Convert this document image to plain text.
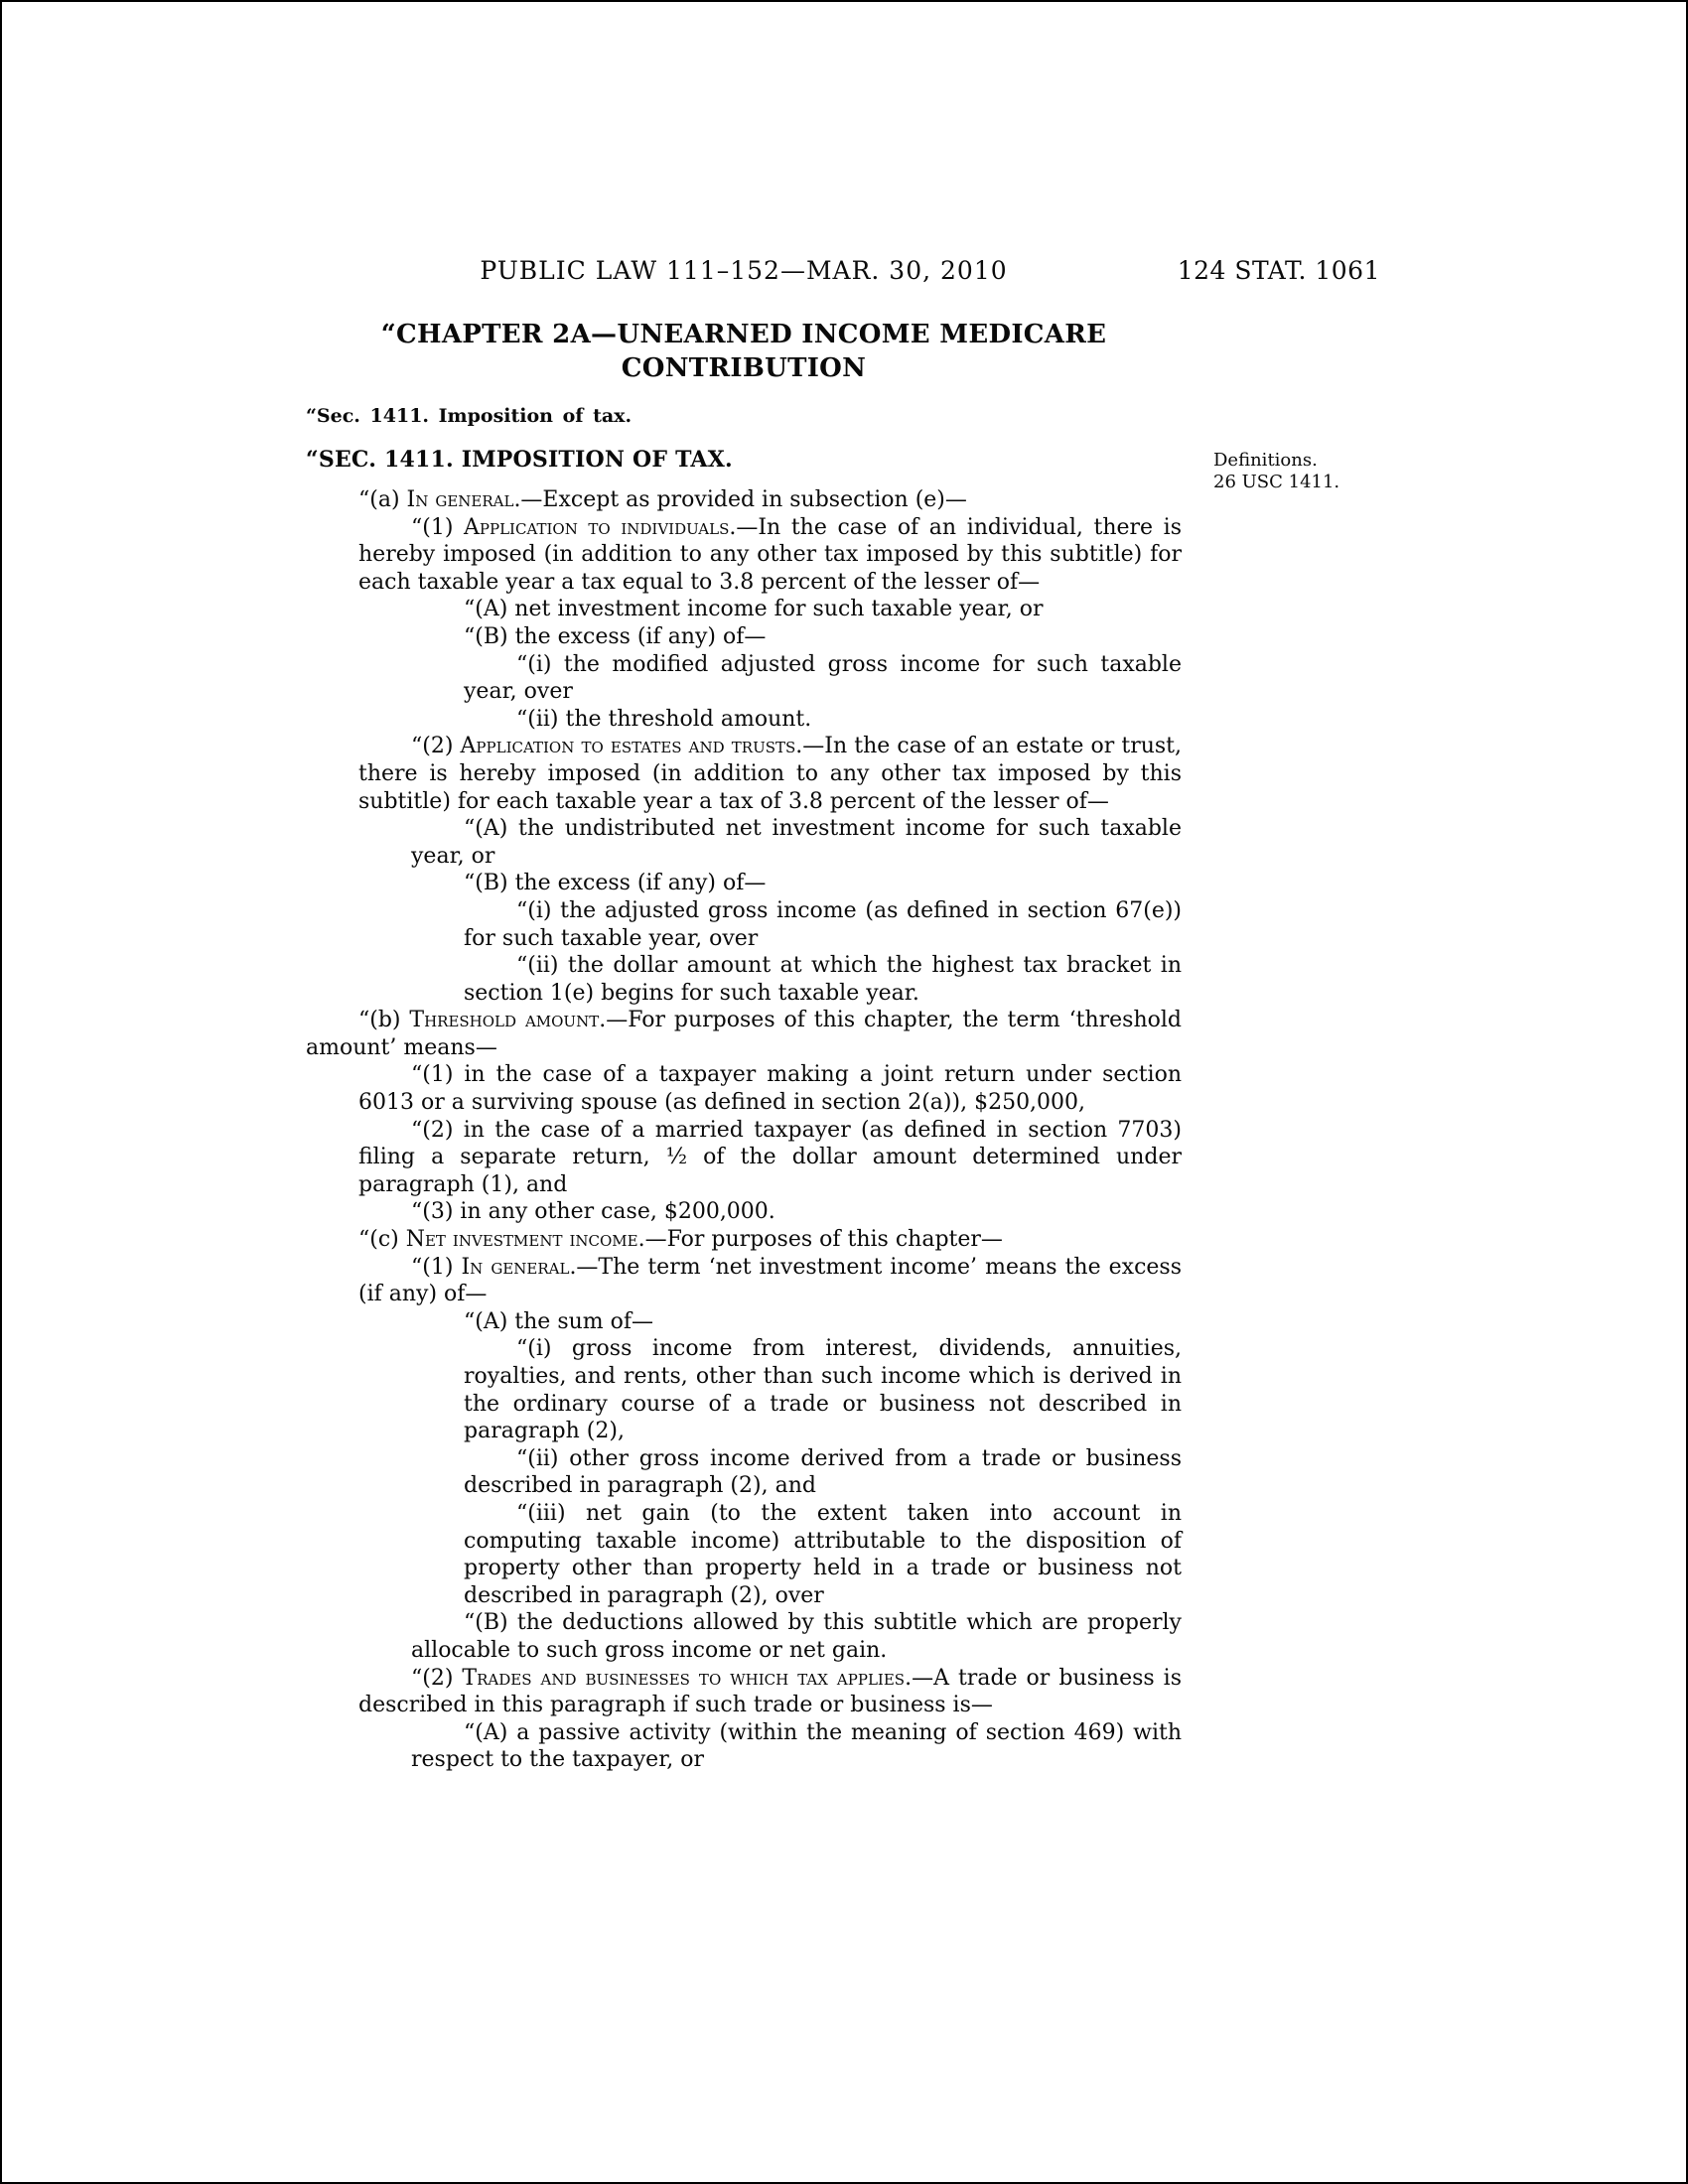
PUBLIC LAW 111–152—MAR. 30, 2010	124 STAT. 1061
“CHAPTER 2A—UNEARNED INCOME MEDICARE
CONTRIBUTION
“Sec. 1411. Imposition of tax.
“SEC. 1411. IMPOSITION OF TAX.	Definitions.
26 USC 1411.
“(a) In general.—Except as provided in subsection (e)—
“(1) Application to individuals.—In the case of an individual, there is hereby imposed (in addition to any other tax imposed by this subtitle) for each taxable year a tax equal to 3.8 percent of the lesser of—
“(A) net investment income for such taxable year, or
“(B) the excess (if any) of—
“(i) the modified adjusted gross income for such taxable year, over
“(ii) the threshold amount.
“(2) Application to estates and trusts.—In the case of an estate or trust, there is hereby imposed (in addition to any other tax imposed by this subtitle) for each taxable year a tax of 3.8 percent of the lesser of—
“(A) the undistributed net investment income for such taxable year, or
“(B) the excess (if any) of—
“(i) the adjusted gross income (as defined in section 67(e)) for such taxable year, over
“(ii) the dollar amount at which the highest tax bracket in section 1(e) begins for such taxable year.
“(b) Threshold amount.—For purposes of this chapter, the term ‘threshold amount’ means—
“(1) in the case of a taxpayer making a joint return under section 6013 or a surviving spouse (as defined in section 2(a)), $250,000,
“(2) in the case of a married taxpayer (as defined in section 7703) filing a separate return, ½ of the dollar amount determined under paragraph (1), and
“(3) in any other case, $200,000.
“(c) Net investment income.—For purposes of this chapter—
“(1) In general.—The term ‘net investment income’ means the excess (if any) of—
“(A) the sum of—
“(i) gross income from interest, dividends, annuities, royalties, and rents, other than such income which is derived in the ordinary course of a trade or business not described in paragraph (2),
“(ii) other gross income derived from a trade or business described in paragraph (2), and
“(iii) net gain (to the extent taken into account in computing taxable income) attributable to the disposition of property other than property held in a trade or business not described in paragraph (2), over
“(B) the deductions allowed by this subtitle which are properly allocable to such gross income or net gain.
“(2) Trades and businesses to which tax applies.—A trade or business is described in this paragraph if such trade or business is—
“(A) a passive activity (within the meaning of section 469) with respect to the taxpayer, or
